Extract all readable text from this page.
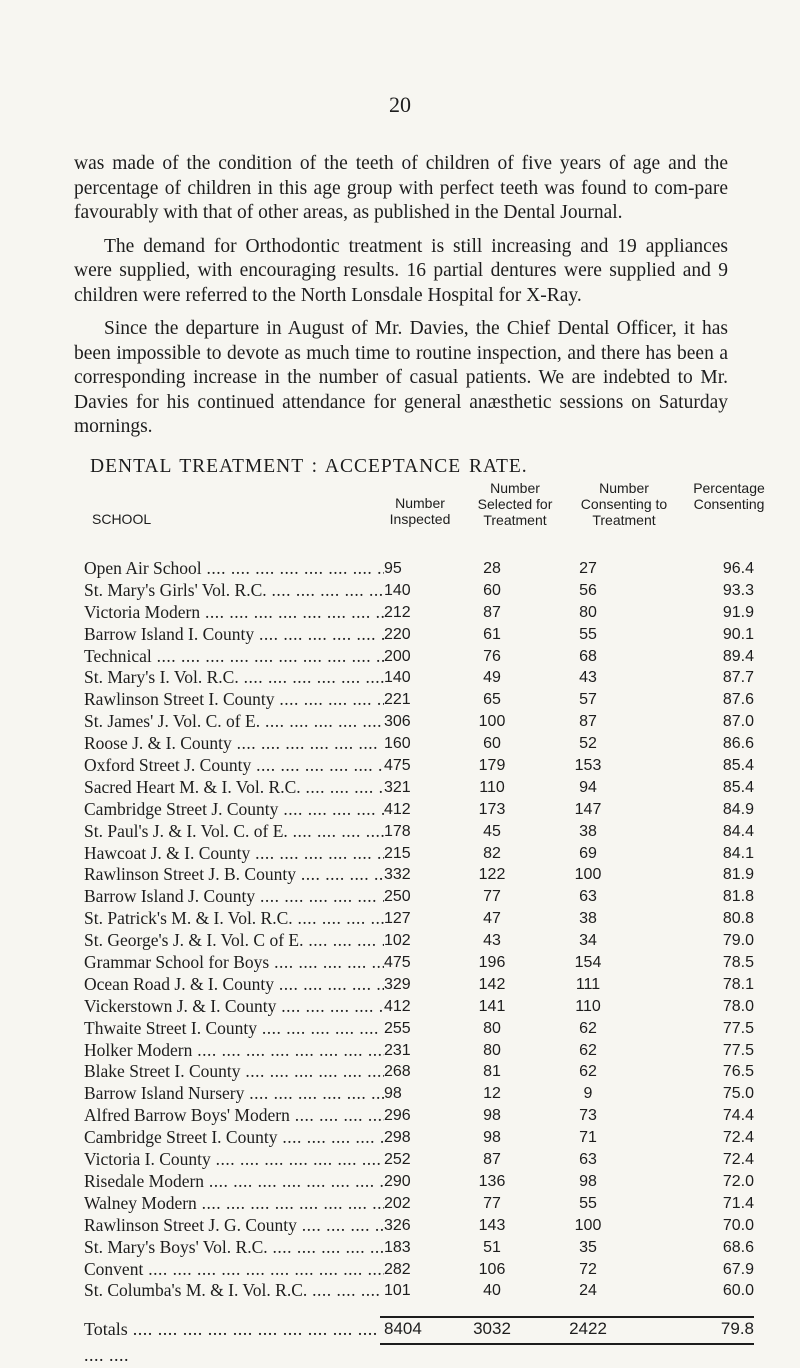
20

was made of the condition of the teeth of children of five years of age and the percentage of children in this age group with perfect teeth was found to com-pare favourably with that of other areas, as published in the Dental Journal.

The demand for Orthodontic treatment is still increasing and 19 appliances were supplied, with encouraging results. 16 partial dentures were supplied and 9 children were referred to the North Lonsdale Hospital for X-Ray.

Since the departure in August of Mr. Davies, the Chief Dental Officer, it has been impossible to devote as much time to routine inspection, and there has been a corresponding increase in the number of casual patients. We are indebted to Mr. Davies for his continued attendance for general anæsthetic sessions on Saturday mornings.

DENTAL TREATMENT : ACCEPTANCE RATE.
SCHOOL
Number Inspected
Number Selected for Treatment
Number Consenting to Treatment
Percentage Consenting
Open Air School ....	95	28	27	96.4
St. Mary's Girls' Vol. R.C. ....	140	60	56	93.3
Victoria Modern ....	212	87	80	91.9
Barrow Island I. County ....	220	61	55	90.1
Technical ....	200	76	68	89.4
St. Mary's I. Vol. R.C. ....	140	49	43	87.7
Rawlinson Street I. County ....	221	65	57	87.6
St. James' J. Vol. C. of E. ....	306	100	87	87.0
Roose J. & I. County ....	160	60	52	86.6
Oxford Street J. County ....	475	179	153	85.4
Sacred Heart M. & I. Vol. R.C. ....	321	110	94	85.4
Cambridge Street J. County ....	412	173	147	84.9
St. Paul's J. & I. Vol. C. of E. ....	178	45	38	84.4
Hawcoat J. & I. County ....	215	82	69	84.1
Rawlinson Street J. B. County ....	332	122	100	81.9
Barrow Island J. County ....	250	77	63	81.8
St. Patrick's M. & I. Vol. R.C. ....	127	47	38	80.8
St. George's J. & I. Vol. C of E. ....	102	43	34	79.0
Grammar School for Boys ....	475	196	154	78.5
Ocean Road J. & I. County ....	329	142	111	78.1
Vickerstown J. & I. County ....	412	141	110	78.0
Thwaite Street I. County ....	255	80	62	77.5
Holker Modern ....	231	80	62	77.5
Blake Street I. County ....	268	81	62	76.5
Barrow Island Nursery ....	98	12	9	75.0
Alfred Barrow Boys' Modern ....	296	98	73	74.4
Cambridge Street I. County ....	298	98	71	72.4
Victoria I. County ....	252	87	63	72.4
Risedale Modern ....	290	136	98	72.0
Walney Modern ....	202	77	55	71.4
Rawlinson Street J. G. County ....	326	143	100	70.0
St. Mary's Boys' Vol. R.C. ....	183	51	35	68.6
Convent ....	282	106	72	67.9
St. Columba's M. & I. Vol. R.C. ....	101	40	24	60.0
Totals ....	8404	3032	2422	79.8
